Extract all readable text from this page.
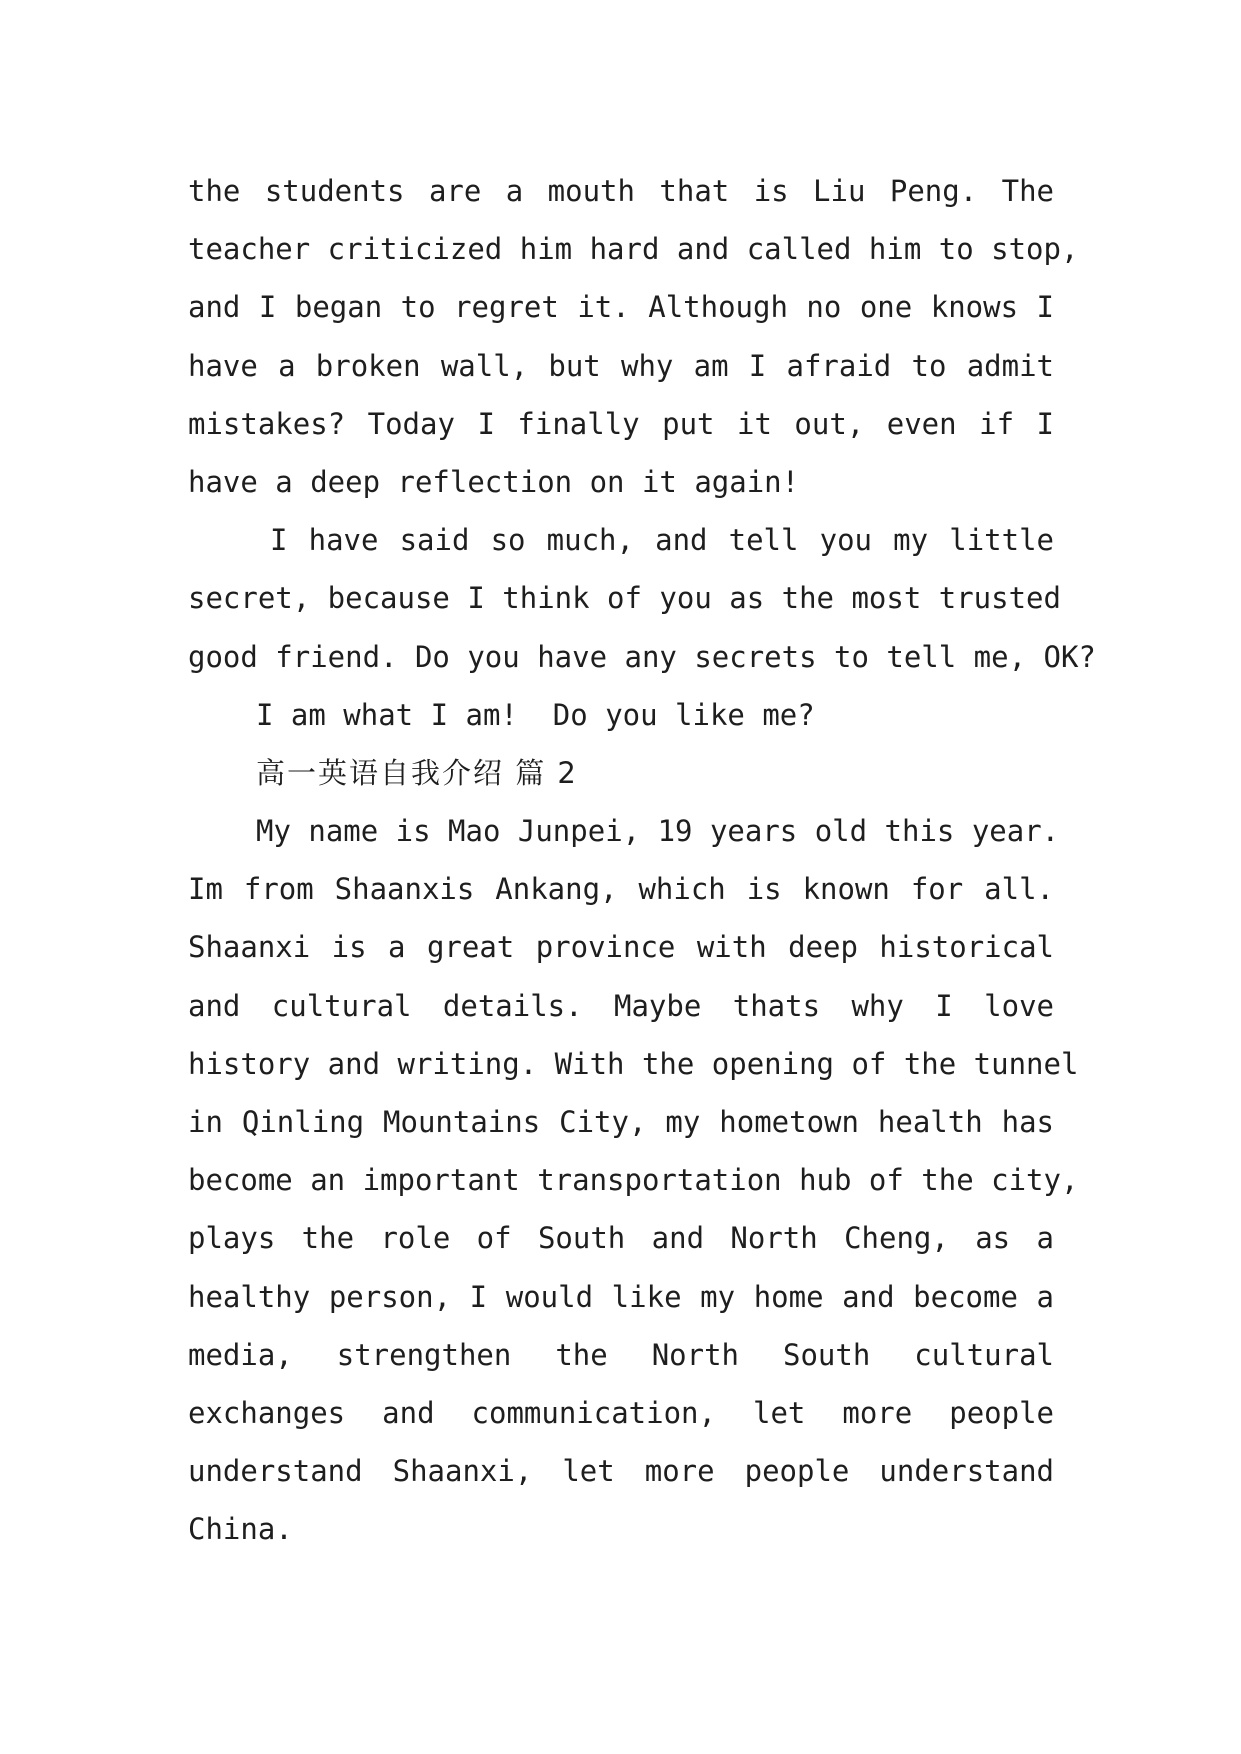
the students are a mouth that is Liu Peng. The
teacher criticized him hard and called him to stop,
and I began to regret it. Although no one knows I
have a broken wall, but why am I afraid to admit
mistakes? Today I finally put it out, even if I
have a deep reflection on it again!
I have said so much, and tell you my little
secret, because I think of you as the most trusted
good friend. Do you have any secrets to tell me, OK?
I am what I am!  Do you like me?
高一英语自我介绍 篇 2
My name is Mao Junpei, 19 years old this year.
Im from Shaanxis Ankang, which is known for all.
Shaanxi is a great province with deep historical
and cultural details. Maybe thats why I love
history and writing. With the opening of the tunnel
in Qinling Mountains City, my hometown health has
become an important transportation hub of the city,
plays the role of South and North Cheng, as a
healthy person, I would like my home and become a
media, strengthen the North South cultural
exchanges and communication, let more people
understand Shaanxi, let more people understand
China.
